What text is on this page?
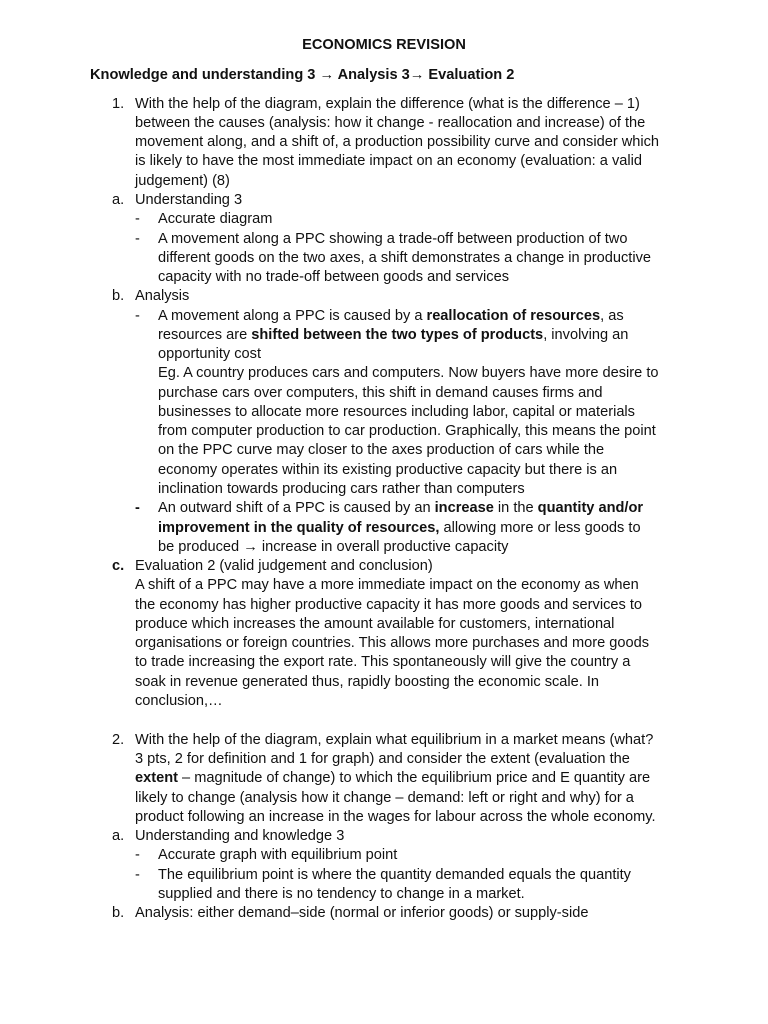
ECONOMICS REVISION
Knowledge and understanding 3 → Analysis 3→ Evaluation 2
1. With the help of the diagram, explain the difference (what is the difference – 1)
between the causes (analysis: how it change - reallocation and increase) of the
movement along, and a shift of, a production possibility curve and consider which
is likely to have the most immediate impact on an economy (evaluation: a valid
judgement) (8)
a. Understanding 3
- Accurate diagram
- A movement along a PPC showing a trade-off between production of two
different goods on the two axes, a shift demonstrates a change in productive
capacity with no trade-off between goods and services
b. Analysis
- A movement along a PPC is caused by a reallocation of resources, as
resources are shifted between the two types of products, involving an
opportunity cost
Eg. A country produces cars and computers. Now buyers have more desire to
purchase cars over computers, this shift in demand causes firms and
businesses to allocate more resources including labor, capital or materials
from computer production to car production. Graphically, this means the point
on the PPC curve may closer to the axes production of cars while the
economy operates within its existing productive capacity but there is an
inclination towards producing cars rather than computers
- An outward shift of a PPC is caused by an increase in the quantity and/or
improvement in the quality of resources, allowing more or less goods to
be produced → increase in overall productive capacity
c. Evaluation 2 (valid judgement and conclusion)
A shift of a PPC may have a more immediate impact on the economy as when
the economy has higher productive capacity it has more goods and services to
produce which increases the amount available for customers, international
organisations or foreign countries. This allows more purchases and more goods
to trade increasing the export rate. This spontaneously will give the country a
soak in revenue generated thus, rapidly boosting the economic scale. In
conclusion,…
2. With the help of the diagram, explain what equilibrium in a market means (what?
3 pts, 2 for definition and 1 for graph) and consider the extent (evaluation the
extent – magnitude of change) to which the equilibrium price and E quantity are
likely to change (analysis how it change – demand: left or right and why) for a
product following an increase in the wages for labour across the whole economy.
a. Understanding and knowledge 3
- Accurate graph with equilibrium point
- The equilibrium point is where the quantity demanded equals the quantity
supplied and there is no tendency to change in a market.
b. Analysis: either demand–side (normal or inferior goods) or supply-side
